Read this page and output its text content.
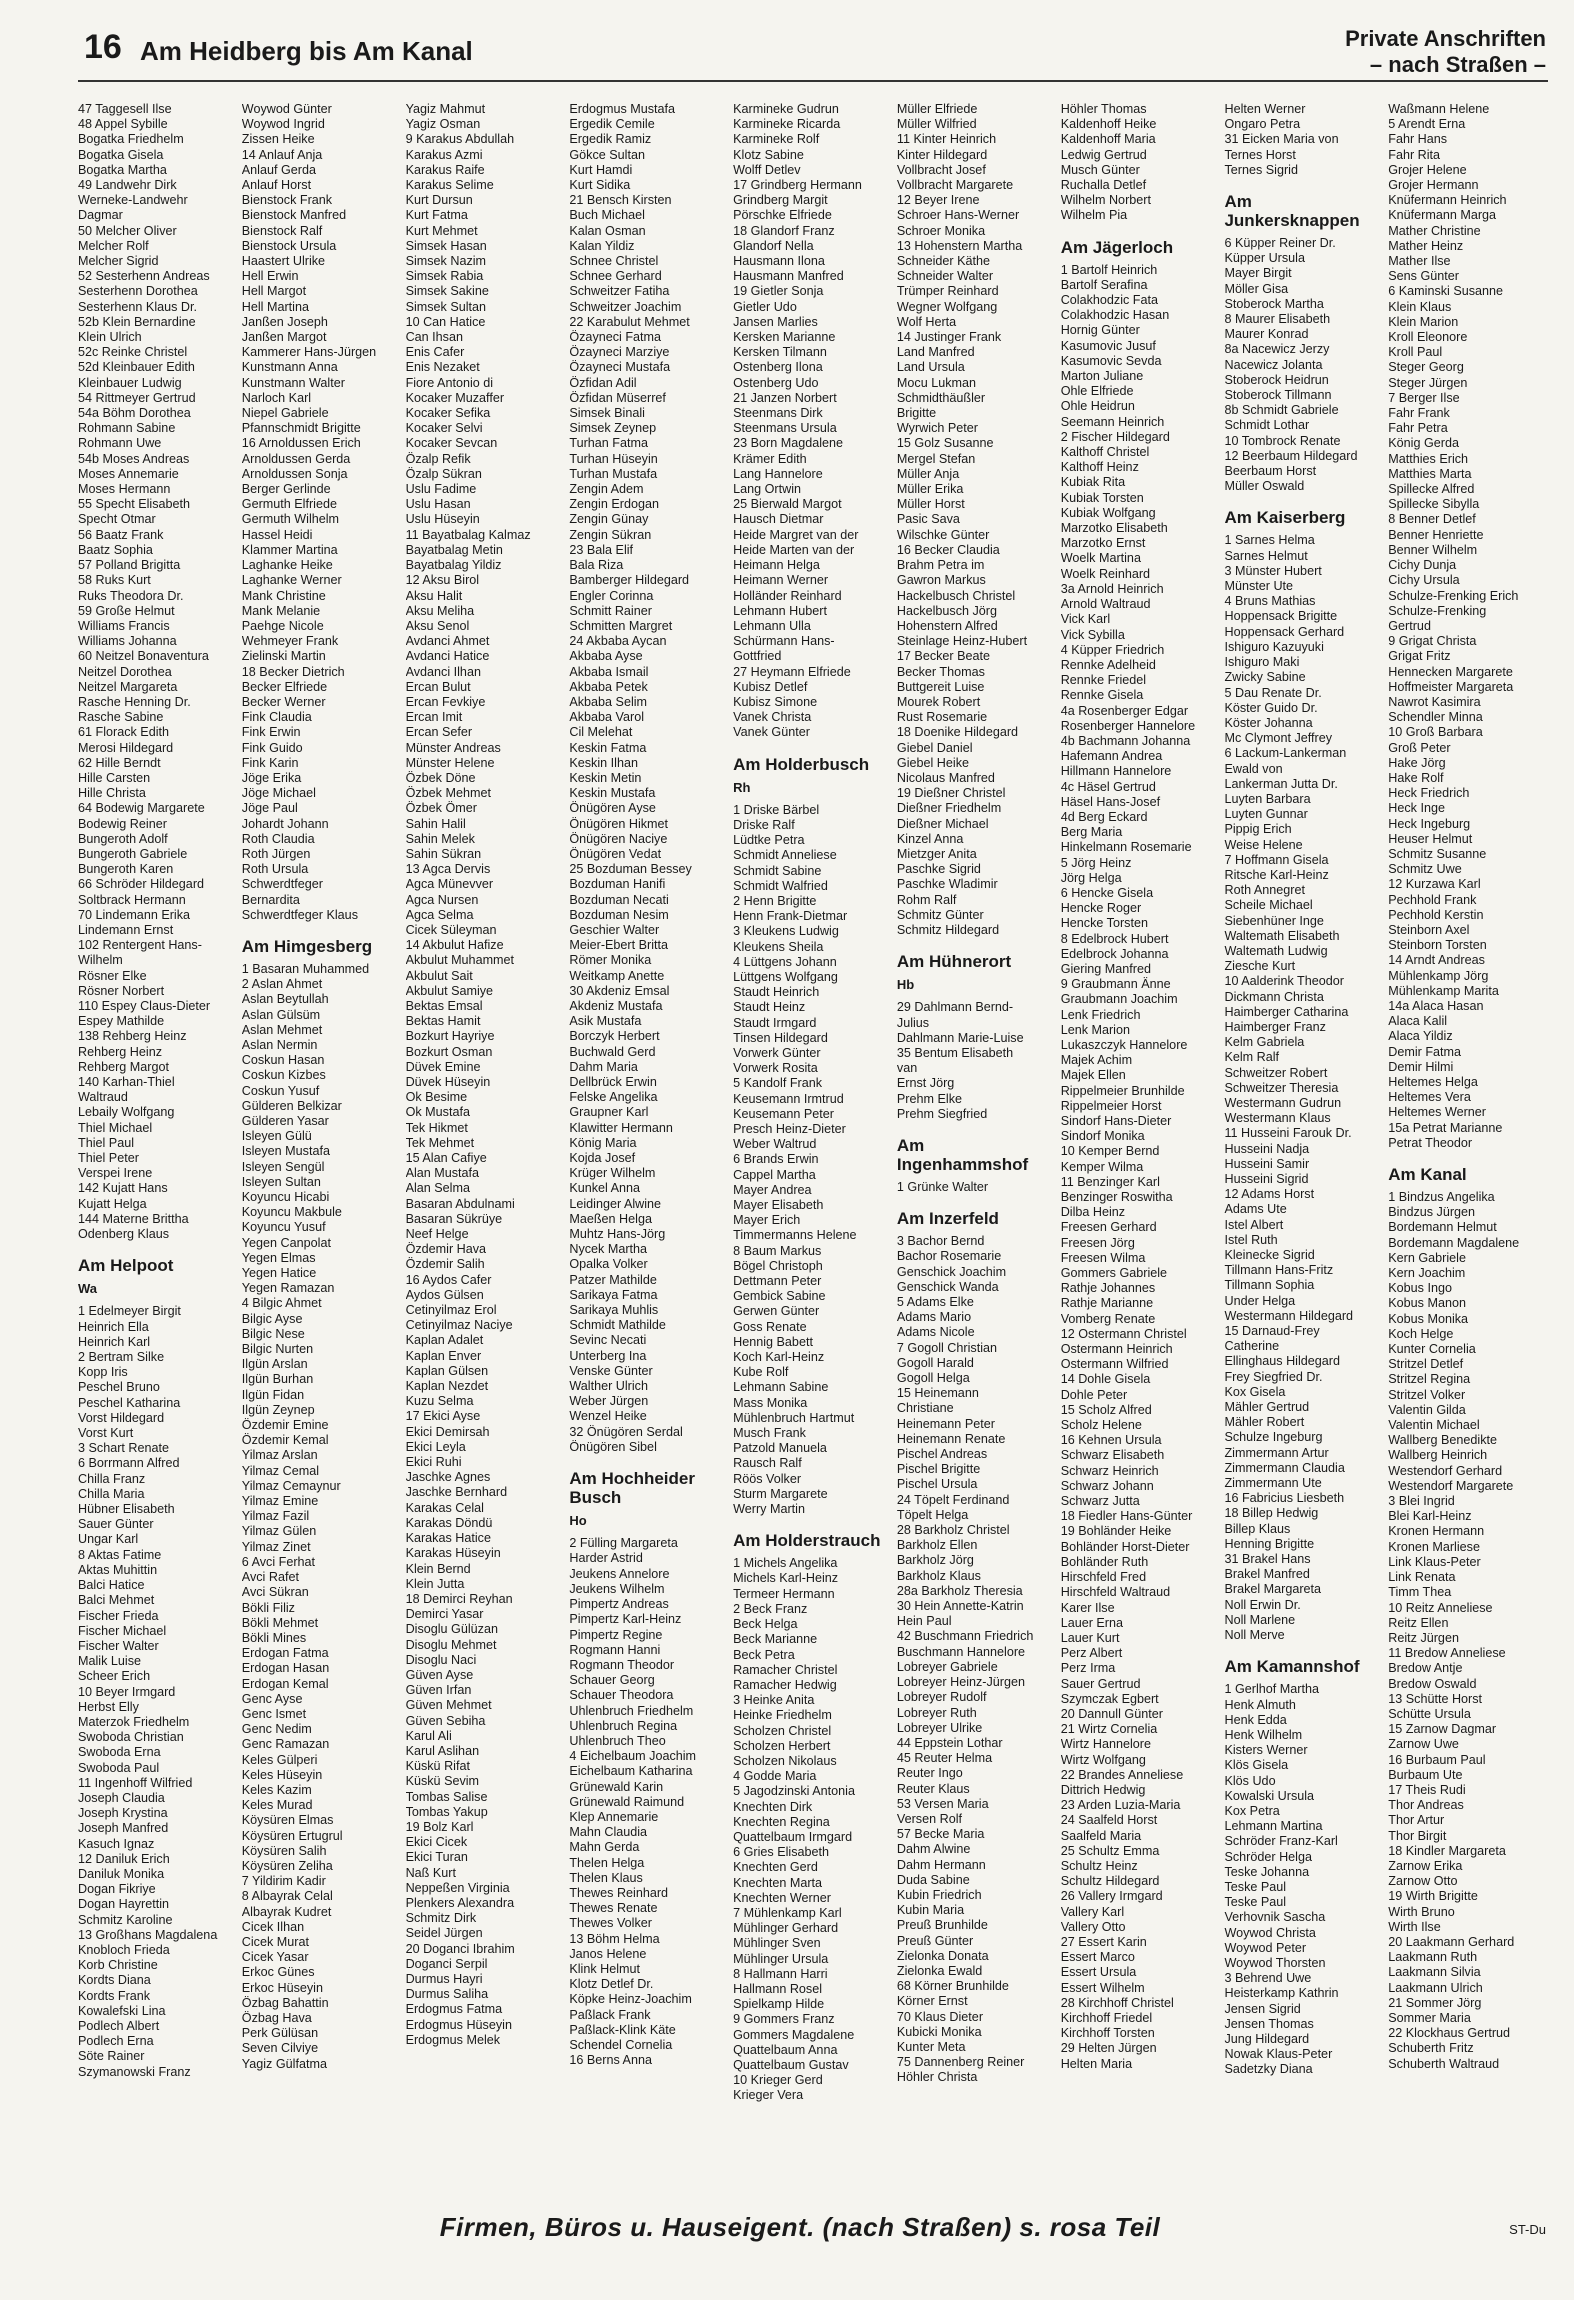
16 Am Heidberg bis Am Kanal	Private Anschriften
– nach Straßen –
47 Taggesell Ilse
48 Appel Sybille
Bogatka Friedhelm
Bogatka Gisela
Bogatka Martha
49 Landwehr Dirk
Werneke-Landwehr
Dagmar
50 Melcher Oliver
Melcher Rolf
Melcher Sigrid
52 Sesterhenn Andreas
Sesterhenn Dorothea
Sesterhenn Klaus Dr.
52b Klein Bernardine
Klein Ulrich
52c Reinke Christel
52d Kleinbauer Edith
Kleinbauer Ludwig
54 Rittmeyer Gertrud
54a Böhm Dorothea
Rohmann Sabine
Rohmann Uwe
54b Moses Andreas
Moses Annemarie
Moses Hermann
55 Specht Elisabeth
Specht Otmar
56 Baatz Frank
Baatz Sophia
57 Polland Brigitta
58 Ruks Kurt
Ruks Theodora Dr.
59 Große Helmut
Williams Francis
Williams Johanna
60 Neitzel Bonaventura
Neitzel Dorothea
Neitzel Margareta
Rasche Henning Dr.
Rasche Sabine
61 Florack Edith
Merosi Hildegard
62 Hille Berndt
Hille Carsten
Hille Christa
64 Bodewig Margarete
Bodewig Reiner
Bungeroth Adolf
Bungeroth Gabriele
Bungeroth Karen
66 Schröder Hildegard
Soltbrack Hermann
70 Lindemann Erika
Lindemann Ernst
102 Rentergent Hans-
Wilhelm
Rösner Elke
Rösner Norbert
110 Espey Claus-Dieter
Espey Mathilde
138 Rehberg Heinz
Rehberg Heinz
Rehberg Margot
140 Karhan-Thiel
Waltraud
Lebaily Wolfgang
Thiel Michael
Thiel Paul
Thiel Peter
Verspei Irene
142 Kujatt Hans
Kujatt Helga
144 Materne Brittha
Odenberg Klaus
Am Helpoot
Wa
1 Edelmeyer Birgit
Heinrich Ella
Heinrich Karl
2 Bertram Silke
Kopp Iris
Peschel Bruno
Peschel Katharina
Vorst Hildegard
Vorst Kurt
3 Schart Renate
6 Borrmann Alfred
Chilla Franz
Chilla Maria
Hübner Elisabeth
Sauer Günter
Ungar Karl
8 Aktas Fatime
Aktas Muhittin
Balci Hatice
Balci Mehmet
Fischer Frieda
Fischer Michael
Fischer Walter
Malik Luise
Scheer Erich
10 Beyer Irmgard
Herbst Elly
Materzok Friedhelm
Swoboda Christian
Swoboda Erna
Swoboda Paul
11 Ingenhoff Wilfried
Joseph Claudia
Joseph Krystina
Joseph Manfred
Kasuch Ignaz
12 Daniluk Erich
Daniluk Monika
Dogan Fikriye
Dogan Hayrettin
Schmitz Karoline
13 Großhans Magdalena
Knobloch Frieda
Korb Christine
Kordts Diana
Kordts Frank
Kowalefski Lina
Podlech Albert
Podlech Erna
Söte Rainer
Szymanowski Franz
Woywod Günter
Woywod Ingrid
Zissen Heike
14 Anlauf Anja
Anlauf Gerda
Anlauf Horst
Bienstock Frank
Bienstock Manfred
Bienstock Ralf
Bienstock Ursula
Haastert Ulrike
Hell Erwin
Hell Margot
Hell Martina
Janßen Joseph
Janßen Margot
Kammerer Hans-Jürgen
Kunstmann Anna
Kunstmann Walter
Narloch Karl
Niepel Gabriele
Pfannschmidt Brigitte
16 Arnoldussen Erich
Arnoldussen Gerda
Arnoldussen Sonja
Berger Gerlinde
Germuth Elfriede
Germuth Wilhelm
Hassel Heidi
Klammer Martina
Laghanke Heike
Laghanke Werner
Mank Christine
Mank Melanie
Paehge Nicole
Wehmeyer Frank
Zielinski Martin
18 Becker Dietrich
Becker Elfriede
Becker Werner
Fink Claudia
Fink Erwin
Fink Guido
Fink Karin
Jöge Erika
Jöge Michael
Jöge Paul
Johardt Johann
Roth Claudia
Roth Jürgen
Roth Ursula
Schwerdtfeger
Bernardita
Schwerdtfeger Klaus
Am Himgesberg
1 Basaran Muhammed
2 Aslan Ahmet
Aslan Beytullah
Aslan Gülsüm
Aslan Mehmet
Aslan Nermin
Coskun Hasan
Coskun Kizbes
Coskun Yusuf
Gülderen Belkizar
Gülderen Yasar
Isleyen Gülü
Isleyen Mustafa
Isleyen Sengül
Isleyen Sultan
Koyuncu Hicabi
Koyuncu Makbule
Koyuncu Yusuf
Yegen Canpolat
Yegen Elmas
Yegen Hatice
Yegen Ramazan
4 Bilgic Ahmet
Bilgic Ayse
Bilgic Nese
Bilgic Nurten
Ilgün Arslan
Ilgün Burhan
Ilgün Fidan
Ilgün Zeynep
Özdemir Emine
Özdemir Kemal
Yilmaz Arslan
Yilmaz Cemal
Yilmaz Cemaynur
Yilmaz Emine
Yilmaz Fazil
Yilmaz Gülen
Yilmaz Zinet
6 Avci Ferhat
Avci Rafet
Avci Sükran
Bökli Filiz
Bökli Mehmet
Bökli Mines
Erdogan Fatma
Erdogan Hasan
Erdogan Kemal
Genc Ayse
Genc Ismet
Genc Nedim
Genc Ramazan
Keles Gülperi
Keles Hüseyin
Keles Kazim
Keles Murad
Köysüren Elmas
Köysüren Ertugrul
Köysüren Salih
Köysüren Zeliha
7 Yildirim Kadir
8 Albayrak Celal
Albayrak Kudret
Cicek Ilhan
Cicek Murat
Cicek Yasar
Erkoc Günes
Erkoc Hüseyin
Özbag Bahattin
Özbag Hava
Perk Gülüsan
Seven Cilviye
Yagiz Gülfatma
Yagiz Mahmut
Yagiz Osman
9 Karakus Abdullah
Karakus Azmi
Karakus Raife
Karakus Selime
Kurt Dursun
Kurt Fatma
Kurt Mehmet
Simsek Hasan
Simsek Nazim
Simsek Rabia
Simsek Sakine
Simsek Sultan
10 Can Hatice
Can Ihsan
Enis Cafer
Enis Nezaket
Fiore Antonio di
Kocaker Muzaffer
Kocaker Sefika
Kocaker Selvi
Kocaker Sevcan
Özalp Refik
Özalp Sükran
Uslu Fadime
Uslu Hasan
Uslu Hüseyin
11 Bayatbalag Kalmaz
Bayatbalag Metin
Bayatbalag Yildiz
12 Aksu Birol
Aksu Halit
Aksu Meliha
Aksu Senol
Avdanci Ahmet
Avdanci Hatice
Avdanci Ilhan
Ercan Bulut
Ercan Fevkiye
Ercan Imit
Ercan Sefer
Münster Andreas
Münster Helene
Özbek Döne
Özbek Mehmet
Özbek Ömer
Sahin Halil
Sahin Melek
Sahin Sükran
13 Agca Dervis
Agca Münevver
Agca Nursen
Agca Selma
Cicek Süleyman
14 Akbulut Hafize
Akbulut Muhammet
Akbulut Sait
Akbulut Samiye
Bektas Emsal
Bektas Hamit
Bozkurt Hayriye
Bozkurt Osman
Düvek Emine
Düvek Hüseyin
Ok Besime
Ok Mustafa
Tek Hikmet
Tek Mehmet
15 Alan Cafiye
Alan Mustafa
Alan Selma
Basaran Abdulnami
Basaran Sükrüye
Neef Helge
Özdemir Hava
Özdemir Salih
16 Aydos Cafer
Aydos Gülsen
Cetinyilmaz Erol
Cetinyilmaz Naciye
Kaplan Adalet
Kaplan Enver
Kaplan Gülsen
Kaplan Nezdet
Kuzu Selma
17 Ekici Ayse
Ekici Demirsah
Ekici Leyla
Ekici Ruhi
Jaschke Agnes
Jaschke Bernhard
Karakas Celal
Karakas Döndü
Karakas Hatice
Karakas Hüseyin
Klein Bernd
Klein Jutta
18 Demirci Reyhan
Demirci Yasar
Disoglu Gülüzan
Disoglu Mehmet
Disoglu Naci
Güven Ayse
Güven Irfan
Güven Mehmet
Güven Sebiha
Karul Ali
Karul Aslihan
Küskü Rifat
Küskü Sevim
Tombas Salise
Tombas Yakup
19 Bolz Karl
Ekici Cicek
Ekici Turan
Naß Kurt
Neppeßen Virginia
Plenkers Alexandra
Schmitz Dirk
Seidel Jürgen
20 Doganci Ibrahim
Doganci Serpil
Durmus Hayri
Durmus Saliha
Erdogmus Fatma
Erdogmus Hüseyin
Erdogmus Melek
Erdogmus Mustafa
Ergedik Cemile
Ergedik Ramiz
Gökce Sultan
Kurt Hamdi
Kurt Sidika
21 Bensch Kirsten
Buch Michael
Kalan Osman
Kalan Yildiz
Schnee Christel
Schnee Gerhard
Schweitzer Fatiha
Schweitzer Joachim
22 Karabulut Mehmet
Özayneci Fatma
Özayneci Marziye
Özayneci Mustafa
Özfidan Adil
Özfidan Müserref
Simsek Binali
Simsek Zeynep
Turhan Fatma
Turhan Hüseyin
Turhan Mustafa
Zengin Adem
Zengin Erdogan
Zengin Günay
Zengin Sükran
23 Bala Elif
Bala Riza
Bamberger Hildegard
Engler Corinna
Schmitt Rainer
Schmitten Margret
24 Akbaba Aycan
Akbaba Ayse
Akbaba Ismail
Akbaba Petek
Akbaba Selim
Akbaba Varol
Cil Melehat
Keskin Fatma
Keskin Ilhan
Keskin Metin
Keskin Mustafa
Önügören Ayse
Önügören Hikmet
Önügören Naciye
Önügören Vedat
25 Bozduman Bessey
Bozduman Hanifi
Bozduman Necati
Bozduman Nesim
Geschier Walter
Meier-Ebert Britta
Römer Monika
Weitkamp Anette
30 Akdeniz Emsal
Akdeniz Mustafa
Asik Mustafa
Borczyk Herbert
Buchwald Gerd
Dahm Maria
Dellbrück Erwin
Felske Angelika
Graupner Karl
Klawitter Hermann
König Maria
Kojda Josef
Krüger Wilhelm
Kunkel Anna
Leidinger Alwine
Maeßen Helga
Muhtz Hans-Jörg
Nycek Martha
Opalka Volker
Patzer Mathilde
Sarikaya Fatma
Sarikaya Muhlis
Schmidt Mathilde
Sevinc Necati
Unterberg Ina
Venske Günter
Walther Ulrich
Weber Jürgen
Wenzel Heike
32 Önügören Serdal
Önügören Sibel
Am Hochheider Busch
Ho
2 Fülling Margareta
Harder Astrid
Jeukens Annelore
Jeukens Wilhelm
Pimpertz Andreas
Pimpertz Karl-Heinz
Pimpertz Regine
Rogmann Hanni
Rogmann Theodor
Schauer Georg
Schauer Theodora
Uhlenbruch Friedhelm
Uhlenbruch Regina
Uhlenbruch Theo
4 Eichelbaum Joachim
Eichelbaum Katharina
Grünewald Karin
Grünewald Raimund
Klep Annemarie
Mahn Claudia
Mahn Gerda
Thelen Helga
Thelen Klaus
Thewes Reinhard
Thewes Renate
Thewes Volker
13 Böhm Helma
Janos Helene
Klink Helmut
Klotz Detlef Dr.
Köpke Heinz-Joachim
Paßlack Frank
Paßlack-Klink Käte
Schendel Cornelia
16 Berns Anna
Karmineke Gudrun
Karmineke Ricarda
Karmineke Rolf
Klotz Sabine
Wolff Detlev
17 Grindberg Hermann
Grindberg Margit
Pörschke Elfriede
18 Glandorf Franz
Glandorf Nella
Hausmann Ilona
Hausmann Manfred
19 Gietler Sonja
Gietler Udo
Jansen Marlies
Kersken Marianne
Kersken Tilmann
Ostenberg Ilona
Ostenberg Udo
21 Janzen Norbert
Steenmans Dirk
Steenmans Ursula
23 Born Magdalene
Krämer Edith
Lang Hannelore
Lang Ortwin
25 Bierwald Margot
Hausch Dietmar
Heide Margret van der
Heide Marten van der
Heimann Helga
Heimann Werner
Holländer Reinhard
Lehmann Hubert
Lehmann Ulla
Schürmann Hans-
Gottfried
27 Heymann Elfriede
Kubisz Detlef
Kubisz Simone
Vanek Christa
Vanek Günter
Am Holderbusch
Rh
1 Driske Bärbel
Driske Ralf
Lüdtke Petra
Schmidt Anneliese
Schmidt Sabine
Schmidt Walfried
2 Henn Brigitte
Henn Frank-Dietmar
3 Kleukens Ludwig
Kleukens Sheila
4 Lüttgens Johann
Lüttgens Wolfgang
Staudt Heinrich
Staudt Heinz
Staudt Irmgard
Tinsen Hildegard
Vorwerk Günter
Vorwerk Rosita
5 Kandolf Frank
Keusemann Irmtrud
Keusemann Peter
Presch Heinz-Dieter
Weber Waltrud
6 Brands Erwin
Cappel Martha
Mayer Andrea
Mayer Elisabeth
Mayer Erich
Timmermanns Helene
8 Baum Markus
Bögel Christoph
Dettmann Peter
Gembick Sabine
Gerwen Günter
Goss Renate
Hennig Babett
Koch Karl-Heinz
Kube Rolf
Lehmann Sabine
Mass Monika
Mühlenbruch Hartmut
Musch Frank
Patzold Manuela
Rausch Ralf
Röös Volker
Sturm Margarete
Werry Martin
Am Holderstrauch
1 Michels Angelika
Michels Karl-Heinz
Termeer Hermann
2 Beck Franz
Beck Helga
Beck Marianne
Beck Petra
Ramacher Christel
Ramacher Hedwig
3 Heinke Anita
Heinke Friedhelm
Scholzen Christel
Scholzen Herbert
Scholzen Nikolaus
4 Godde Maria
5 Jagodzinski Antonia
Knechten Dirk
Knechten Regina
Quattelbaum Irmgard
6 Gries Elisabeth
Knechten Gerd
Knechten Marta
Knechten Werner
7 Mühlenkamp Karl
Mühlinger Gerhard
Mühlinger Sven
Mühlinger Ursula
8 Hallmann Harri
Hallmann Rosel
Spielkamp Hilde
9 Gommers Franz
Gommers Magdalene
Quattelbaum Anna
Quattelbaum Gustav
10 Krieger Gerd
Krieger Vera
Müller Elfriede
Müller Wilfried
11 Kinter Heinrich
Kinter Hildegard
Vollbracht Josef
Vollbracht Margarete
12 Beyer Irene
Schroer Hans-Werner
Schroer Monika
13 Hohenstern Martha
Schneider Käthe
Schneider Walter
Trümper Reinhard
Wegner Wolfgang
Wolf Herta
14 Justinger Frank
Land Manfred
Land Ursula
Mocu Lukman
Schmidthäußler
Brigitte
Wyrwich Peter
15 Golz Susanne
Mergel Stefan
Müller Anja
Müller Erika
Müller Horst
Pasic Sava
Wilschke Günter
16 Becker Claudia
Brahm Petra im
Gawron Markus
Hackelbusch Christel
Hackelbusch Jörg
Hohenstern Alfred
Steinlage Heinz-Hubert
17 Becker Beate
Becker Thomas
Buttgereit Luise
Mourek Robert
Rust Rosemarie
18 Doenike Hildegard
Giebel Daniel
Giebel Heike
Nicolaus Manfred
19 Dießner Christel
Dießner Friedhelm
Dießner Michael
Kinzel Anna
Mietzger Anita
Paschke Sigrid
Paschke Wladimir
Rohm Ralf
Schmitz Günter
Schmitz Hildegard
Am Hühnerort
Hb
29 Dahlmann Bernd-
Julius
Dahlmann Marie-Luise
35 Bentum Elisabeth
van
Ernst Jörg
Prehm Elke
Prehm Siegfried
Am Ingenhammshof
1 Grünke Walter
Am Inzerfeld
3 Bachor Bernd
Bachor Rosemarie
Genschick Joachim
Genschick Wanda
5 Adams Elke
Adams Mario
Adams Nicole
7 Gogoll Christian
Gogoll Harald
Gogoll Helga
15 Heinemann
Christiane
Heinemann Peter
Heinemann Renate
Pischel Andreas
Pischel Brigitte
Pischel Ursula
24 Töpelt Ferdinand
Töpelt Helga
28 Barkholz Christel
Barkholz Ellen
Barkholz Jörg
Barkholz Klaus
28a Barkholz Theresia
30 Hein Annette-Katrin
Hein Paul
42 Buschmann Friedrich
Buschmann Hannelore
Lobreyer Gabriele
Lobreyer Heinz-Jürgen
Lobreyer Rudolf
Lobreyer Ruth
Lobreyer Ulrike
44 Eppstein Lothar
45 Reuter Helma
Reuter Ingo
Reuter Klaus
53 Versen Maria
Versen Rolf
57 Becke Maria
Dahm Alwine
Dahm Hermann
Duda Sabine
Kubin Friedrich
Kubin Maria
Preuß Brunhilde
Preuß Günter
Zielonka Donata
Zielonka Ewald
68 Körner Brunhilde
Körner Ernst
70 Klaus Dieter
Kubicki Monika
Kunter Meta
75 Dannenberg Reiner
Höhler Christa
Höhler Thomas
Kaldenhoff Heike
Kaldenhoff Maria
Ledwig Gertrud
Musch Günter
Ruchalla Detlef
Wilhelm Norbert
Wilhelm Pia
Am Jägerloch
1 Bartolf Heinrich
Bartolf Serafina
Colakhodzic Fata
Colakhodzic Hasan
Hornig Günter
Kasumovic Jusuf
Kasumovic Sevda
Marton Juliane
Ohle Elfriede
Ohle Heidrun
Seemann Heinrich
2 Fischer Hildegard
Kalthoff Christel
Kalthoff Heinz
Kubiak Rita
Kubiak Torsten
Kubiak Wolfgang
Marzotko Elisabeth
Marzotko Ernst
Woelk Martina
Woelk Reinhard
3a Arnold Heinrich
Arnold Waltraud
Vick Karl
Vick Sybilla
4 Küpper Friedrich
Rennke Adelheid
Rennke Friedel
Rennke Gisela
4a Rosenberger Edgar
Rosenberger Hannelore
4b Bachmann Johanna
Hafemann Andrea
Hillmann Hannelore
4c Häsel Gertrud
Häsel Hans-Josef
4d Berg Eckard
Berg Maria
Hinkelmann Rosemarie
5 Jörg Heinz
Jörg Helga
6 Hencke Gisela
Hencke Roger
Hencke Torsten
8 Edelbrock Hubert
Edelbrock Johanna
Giering Manfred
9 Graubmann Änne
Graubmann Joachim
Lenk Friedrich
Lenk Marion
Lukaszczyk Hannelore
Majek Achim
Majek Ellen
Rippelmeier Brunhilde
Rippelmeier Horst
Sindorf Hans-Dieter
Sindorf Monika
10 Kemper Bernd
Kemper Wilma
11 Benzinger Karl
Benzinger Roswitha
Dilba Heinz
Freesen Gerhard
Freesen Jörg
Freesen Wilma
Gommers Gabriele
Rathje Johannes
Rathje Marianne
Vomberg Renate
12 Ostermann Christel
Ostermann Heinrich
Ostermann Wilfried
14 Dohle Gisela
Dohle Peter
15 Scholz Alfred
Scholz Helene
16 Kehnen Ursula
Schwarz Elisabeth
Schwarz Heinrich
Schwarz Johann
Schwarz Jutta
18 Fiedler Hans-Günter
19 Bohländer Heike
Bohländer Horst-Dieter
Bohländer Ruth
Hirschfeld Fred
Hirschfeld Waltraud
Karer Ilse
Lauer Erna
Lauer Kurt
Perz Albert
Perz Irma
Sauer Gertrud
Szymczak Egbert
20 Dannull Günter
21 Wirtz Cornelia
Wirtz Hannelore
Wirtz Wolfgang
22 Brandes Anneliese
Dittrich Hedwig
23 Arden Luzia-Maria
24 Saalfeld Horst
Saalfeld Maria
25 Schultz Emma
Schultz Heinz
Schultz Hildegard
26 Vallery Irmgard
Vallery Karl
Vallery Otto
27 Essert Karin
Essert Marco
Essert Ursula
Essert Wilhelm
28 Kirchhoff Christel
Kirchhoff Friedel
Kirchhoff Torsten
29 Helten Jürgen
Helten Maria
Helten Werner
Ongaro Petra
31 Eicken Maria von
Ternes Horst
Ternes Sigrid
Am Junkersknappen
6 Küpper Reiner Dr.
Küpper Ursula
Mayer Birgit
Möller Gisa
Stoberock Martha
8 Maurer Elisabeth
Maurer Konrad
8a Nacewicz Jerzy
Nacewicz Jolanta
Stoberock Heidrun
Stoberock Tillmann
8b Schmidt Gabriele
Schmidt Lothar
10 Tombrock Renate
12 Beerbaum Hildegard
Beerbaum Horst
Müller Oswald
Am Kaiserberg
1 Sarnes Helma
Sarnes Helmut
3 Münster Hubert
Münster Ute
4 Bruns Mathias
Hoppensack Brigitte
Hoppensack Gerhard
Ishiguro Kazuyuki
Ishiguro Maki
Zwicky Sabine
5 Dau Renate Dr.
Köster Guido Dr.
Köster Johanna
Mc Clymont Jeffrey
6 Lackum-Lankerman
Ewald von
Lankerman Jutta Dr.
Luyten Barbara
Luyten Gunnar
Pippig Erich
Weise Helene
7 Hoffmann Gisela
Ritsche Karl-Heinz
Roth Annegret
Scheile Michael
Siebenhüner Inge
Waltemath Elisabeth
Waltemath Ludwig
Ziesche Kurt
10 Aalderink Theodor
Dickmann Christa
Haimberger Catharina
Haimberger Franz
Kelm Gabriela
Kelm Ralf
Schweitzer Robert
Schweitzer Theresia
Westermann Gudrun
Westermann Klaus
11 Husseini Farouk Dr.
Husseini Nadja
Husseini Samir
Husseini Sigrid
12 Adams Horst
Adams Ute
Istel Albert
Istel Ruth
Kleinecke Sigrid
Tillmann Hans-Fritz
Tillmann Sophia
Under Helga
Westermann Hildegard
15 Darnaud-Frey
Catherine
Ellinghaus Hildegard
Frey Siegfried Dr.
Kox Gisela
Mähler Gertrud
Mähler Robert
Schulze Ingeburg
Zimmermann Artur
Zimmermann Claudia
Zimmermann Ute
16 Fabricius Liesbeth
18 Billep Hedwig
Billep Klaus
Henning Brigitte
31 Brakel Hans
Brakel Manfred
Brakel Margareta
Noll Erwin Dr.
Noll Marlene
Noll Merve
Am Kamannshof
1 Gerlhof Martha
Henk Almuth
Henk Edda
Henk Wilhelm
Kisters Werner
Klös Gisela
Klös Udo
Kowalski Ursula
Kox Petra
Lehmann Martina
Schröder Franz-Karl
Schröder Helga
Teske Johanna
Teske Paul
Teske Paul
Verhovnik Sascha
Woywod Christa
Woywod Peter
Woywod Thorsten
3 Behrend Uwe
Heisterkamp Kathrin
Jensen Sigrid
Jensen Thomas
Jung Hildegard
Nowak Klaus-Peter
Sadetzky Diana
Waßmann Helene
5 Arendt Erna
Fahr Hans
Fahr Rita
Grojer Helene
Grojer Hermann
Knüfermann Heinrich
Knüfermann Marga
Mather Christine
Mather Heinz
Mather Ilse
Sens Günter
6 Kaminski Susanne
Klein Klaus
Klein Marion
Kroll Eleonore
Kroll Paul
Steger Georg
Steger Jürgen
7 Berger Ilse
Fahr Frank
Fahr Petra
König Gerda
Matthies Erich
Matthies Marta
Spillecke Alfred
Spillecke Sibylla
8 Benner Detlef
Benner Henriette
Benner Wilhelm
Cichy Dunja
Cichy Ursula
Schulze-Frenking Erich
Schulze-Frenking
Gertrud
9 Grigat Christa
Grigat Fritz
Hennecken Margarete
Hoffmeister Margareta
Nawrot Kasimira
Schendler Minna
10 Groß Barbara
Groß Peter
Hake Jörg
Hake Rolf
Heck Friedrich
Heck Inge
Heck Ingeburg
Heuser Helmut
Schmitz Susanne
Schmitz Uwe
12 Kurzawa Karl
Pechhold Frank
Pechhold Kerstin
Steinborn Axel
Steinborn Torsten
14 Arndt Andreas
Mühlenkamp Jörg
Mühlenkamp Marita
14a Alaca Hasan
Alaca Kalil
Alaca Yildiz
Demir Fatma
Demir Hilmi
Heltemes Helga
Heltemes Vera
Heltemes Werner
15a Petrat Marianne
Petrat Theodor
Am Kanal
1 Bindzus Angelika
Bindzus Jürgen
Bordemann Helmut
Bordemann Magdalene
Kern Gabriele
Kern Joachim
Kobus Ingo
Kobus Manon
Kobus Monika
Koch Helge
Kunter Cornelia
Stritzel Detlef
Stritzel Regina
Stritzel Volker
Valentin Gilda
Valentin Michael
Wallberg Benedikte
Wallberg Heinrich
Westendorf Gerhard
Westendorf Margarete
3 Blei Ingrid
Blei Karl-Heinz
Kronen Hermann
Kronen Marliese
Link Klaus-Peter
Link Renata
Timm Thea
10 Reitz Anneliese
Reitz Ellen
Reitz Jürgen
11 Bredow Anneliese
Bredow Antje
Bredow Oswald
13 Schütte Horst
Schütte Ursula
15 Zarnow Dagmar
Zarnow Uwe
16 Burbaum Paul
Burbaum Ute
17 Theis Rudi
Thor Andreas
Thor Artur
Thor Birgit
18 Kindler Margareta
Zarnow Erika
Zarnow Otto
19 Wirth Brigitte
Wirth Bruno
Wirth Ilse
20 Laakmann Gerhard
Laakmann Ruth
Laakmann Silvia
Laakmann Ulrich
21 Sommer Jörg
Sommer Maria
22 Klockhaus Gertrud
Schuberth Fritz
Schuberth Waltraud
Firmen, Büros u. Hauseigent. (nach Straßen) s. rosa Teil	ST-Du
